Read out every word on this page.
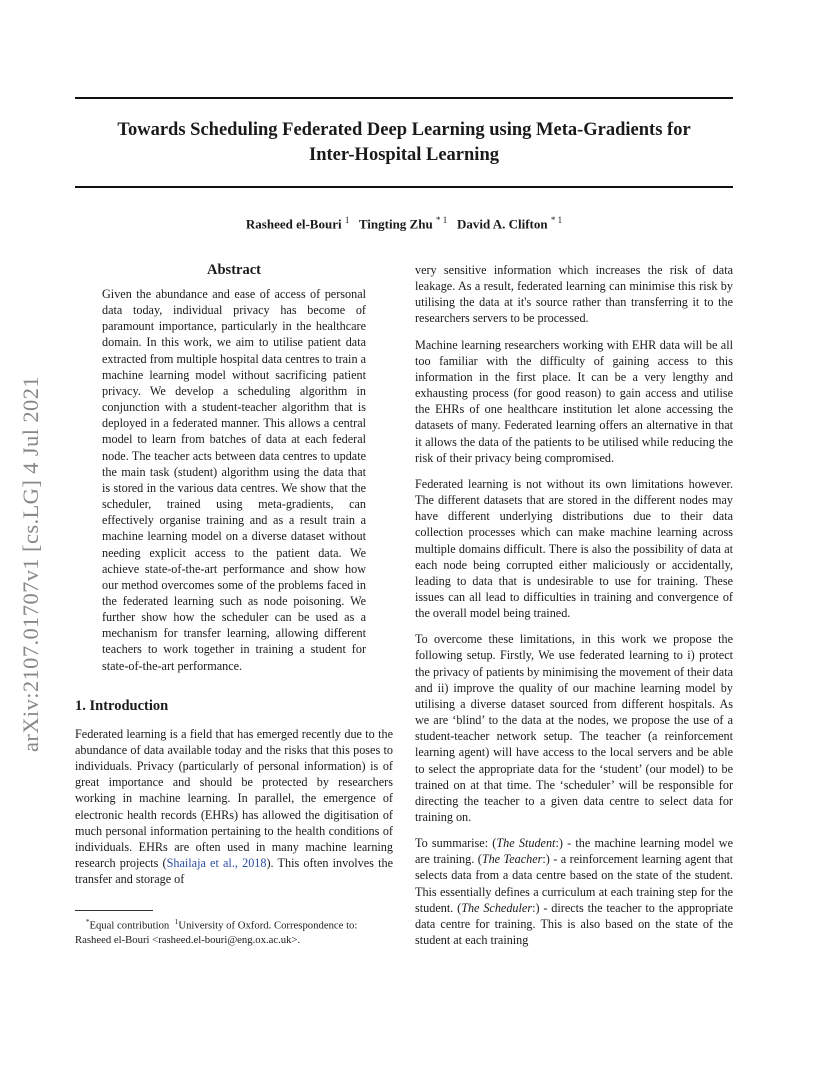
Towards Scheduling Federated Deep Learning using Meta-Gradients for
Inter-Hospital Learning

Rasheed el-Bouri $^1$ Tingting Zhu $^{* 1}$ David A. Clifton $^{* 1}$

arXiv:2107.01707v1 [cs.LG] 4 Jul 2021
Abstract

Given the abundance and ease of access of personal data today, individual privacy has become of paramount importance, particularly in the healthcare domain. In this work, we aim to utilise patient data extracted from multiple hospital data centres to train a machine learning model without sacrificing patient privacy. We develop a scheduling algorithm in conjunction with a student-teacher algorithm that is deployed in a federated manner. This allows a central model to learn from batches of data at each federal node. The teacher acts between data centres to update the main task (student) algorithm using the data that is stored in the various data centres. We show that the scheduler, trained using meta-gradients, can effectively organise training and as a result train a machine learning model on a diverse dataset without needing explicit access to the patient data. We achieve state-of-the-art performance and show how our method overcomes some of the problems faced in the federated learning such as node poisoning. We further show how the scheduler can be used as a mechanism for transfer learning, allowing different teachers to work together in training a student for state-of-the-art performance.

1. Introduction

Federated learning is a field that has emerged recently due to the abundance of data available today and the risks that this poses to individuals. Privacy (particularly of personal information) is of great importance and should be protected by researchers working in machine learning. In parallel, the emergence of electronic health records (EHRs) has allowed the digitisation of much personal information pertaining to the health conditions of individuals. EHRs are often used in many machine learning research projects (Shailaja et al., 2018). This often involves the transfer and storage of

*Equal contribution  $^1$University of Oxford. Correspondence to: Rasheed el-Bouri <rasheed.el-bouri@eng.ox.ac.uk>.

very sensitive information which increases the risk of data leakage. As a result, federated learning can minimise this risk by utilising the data at it's source rather than transferring it to the researchers servers to be processed.

Machine learning researchers working with EHR data will be all too familiar with the difficulty of gaining access to this information in the first place. It can be a very lengthy and exhausting process (for good reason) to gain access and utilise the EHRs of one healthcare institution let alone accessing the datasets of many. Federated learning offers an alternative in that it allows the data of the patients to be utilised while reducing the risk of their privacy being compromised.

Federated learning is not without its own limitations however. The different datasets that are stored in the different nodes may have different underlying distributions due to their data collection processes which can make machine learning across multiple domains difficult. There is also the possibility of data at each node being corrupted either maliciously or accidentally, leading to data that is undesirable to use for training. These issues can all lead to difficulties in training and convergence of the overall model being trained.

To overcome these limitations, in this work we propose the following setup. Firstly, We use federated learning to i) protect the privacy of patients by minimising the movement of their data and ii) improve the quality of our machine learning model by utilising a diverse dataset sourced from different hospitals. As we are ‘blind’ to the data at the nodes, we propose the use of a student-teacher network setup. The teacher (a reinforcement learning agent) will have access to the local servers and be able to select the appropriate data for the ‘student’ (our model) to be trained on at that time. The ‘scheduler’ will be responsible for directing the teacher to a given data centre to select data for training on.

To summarise: (The Student:) - the machine learning model we are training. (The Teacher:) - a reinforcement learning agent that selects data from a data centre based on the state of the student. This essentially defines a curriculum at each training step for the student. (The Scheduler:) - directs the teacher to the appropriate data centre for training. This is also based on the state of the student at each training
